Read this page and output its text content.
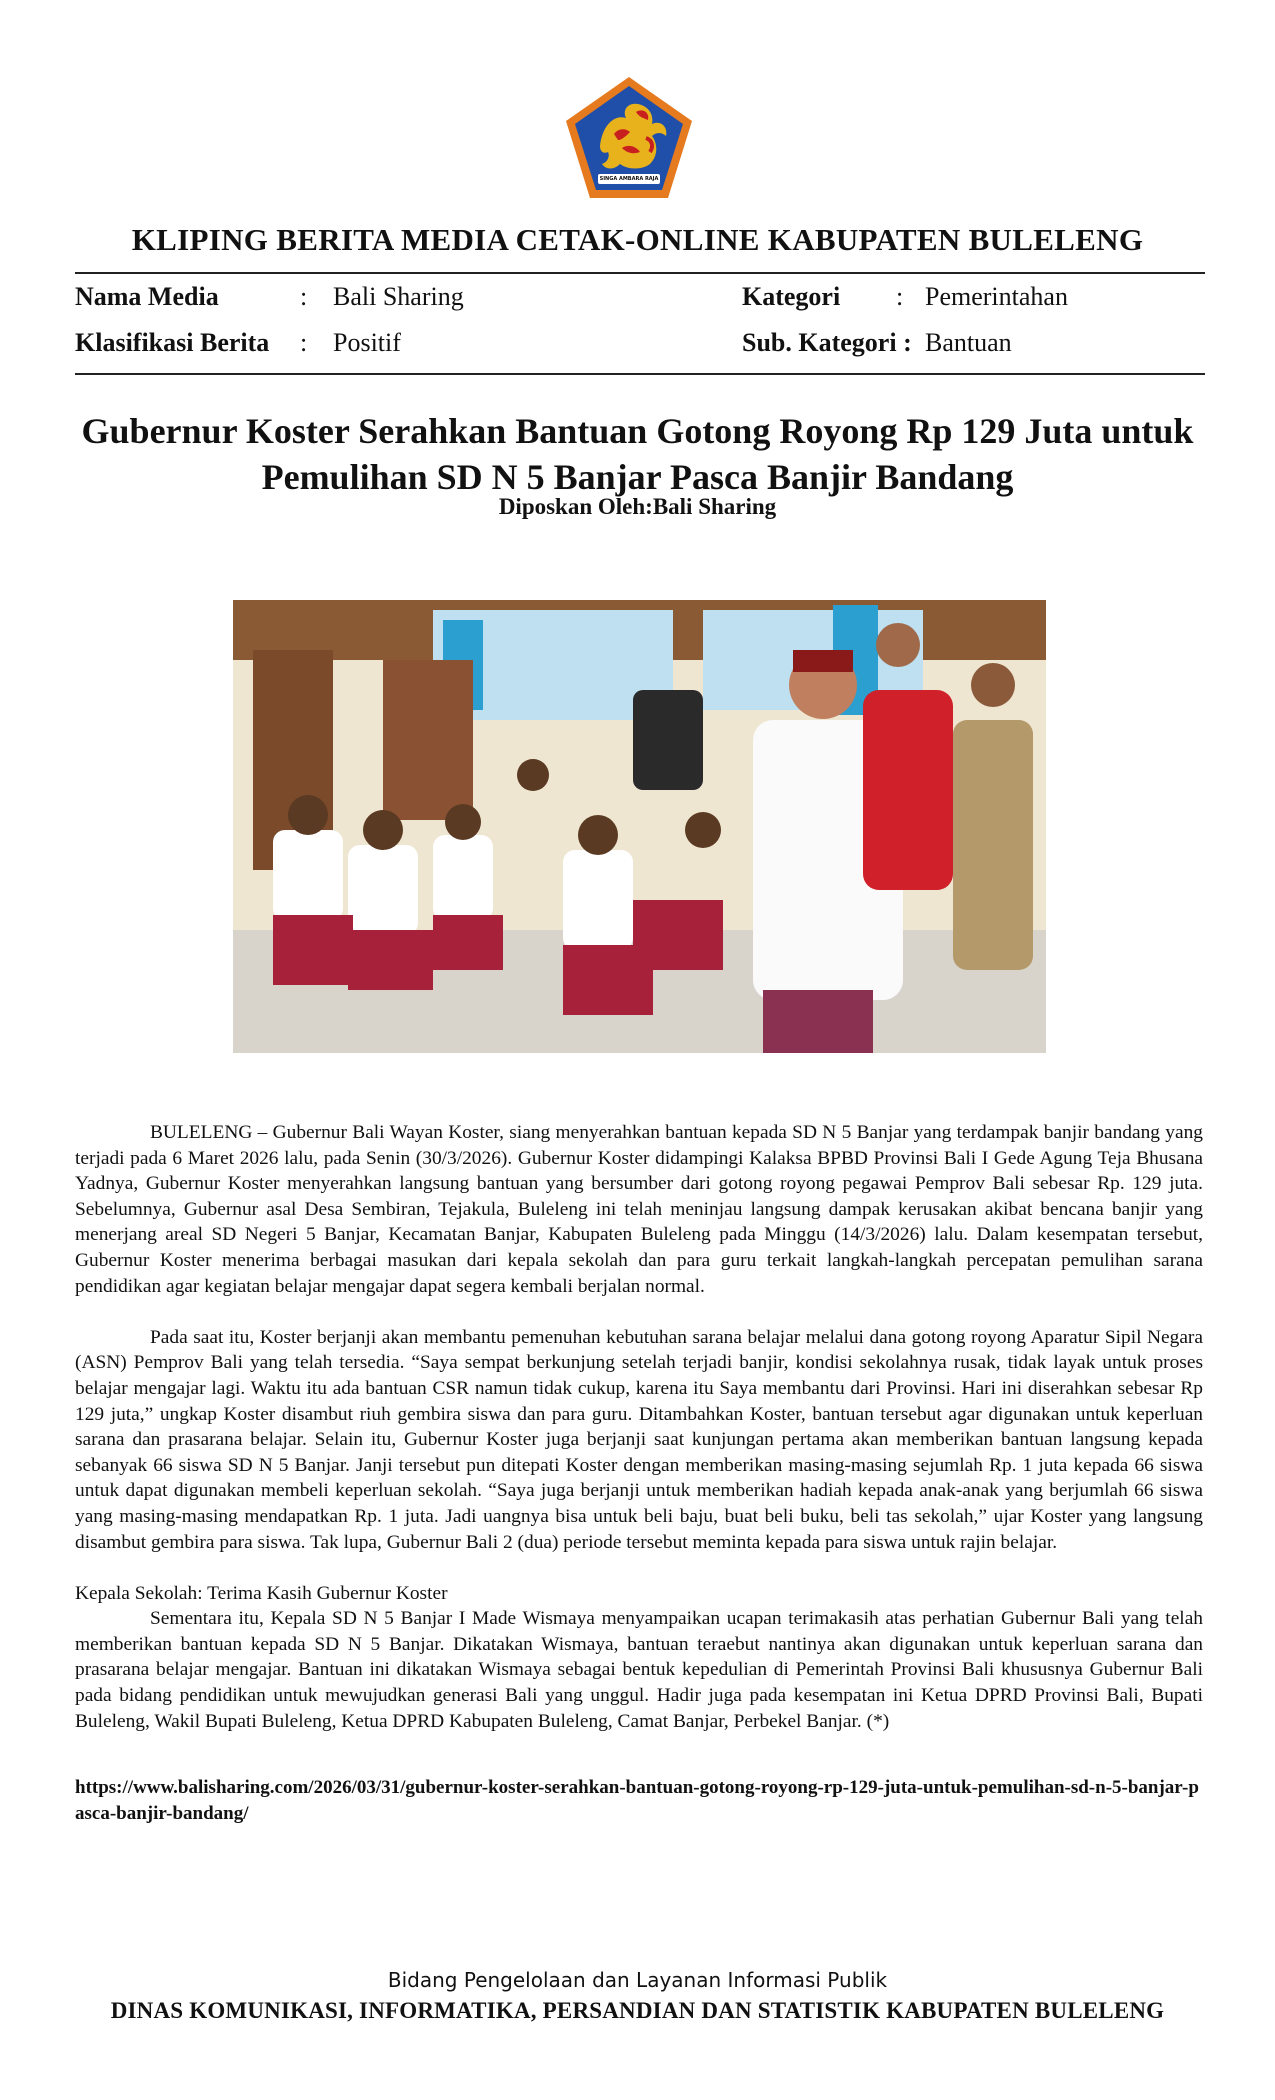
SINGA AMBARA RAJA
KLIPING BERITA MEDIA CETAK-ONLINE KABUPATEN BULELENG
Nama Media	: Bali Sharing
Klasifikasi Berita : Positif
Kategori : Pemerintahan
Sub. Kategori : Bantuan
Gubernur Koster Serahkan Bantuan Gotong Royong Rp 129 Juta untuk
Pemulihan SD N 5 Banjar Pasca Banjir Bandang
Diposkan Oleh:Bali Sharing

BULELENG – Gubernur Bali Wayan Koster, siang menyerahkan bantuan kepada SD N 5 Banjar yang terdampak banjir bandang yang terjadi pada 6 Maret 2026 lalu, pada Senin (30/3/2026). Gubernur Koster didampingi Kalaksa BPBD Provinsi Bali I Gede Agung Teja Bhusana Yadnya, Gubernur Koster menyerahkan langsung bantuan yang bersumber dari gotong royong pegawai Pemprov Bali sebesar Rp. 129 juta. Sebelumnya, Gubernur asal Desa Sembiran, Tejakula, Buleleng ini telah meninjau langsung dampak kerusakan akibat bencana banjir yang menerjang areal SD Negeri 5 Banjar, Kecamatan Banjar, Kabupaten Buleleng pada Minggu (14/3/2026) lalu. Dalam kesempatan tersebut, Gubernur Koster menerima berbagai masukan dari kepala sekolah dan para guru terkait langkah-langkah percepatan pemulihan sarana pendidikan agar kegiatan belajar mengajar dapat segera kembali berjalan normal.

Pada saat itu, Koster berjanji akan membantu pemenuhan kebutuhan sarana belajar melalui dana gotong royong Aparatur Sipil Negara (ASN) Pemprov Bali yang telah tersedia. “Saya sempat berkunjung setelah terjadi banjir, kondisi sekolahnya rusak, tidak layak untuk proses belajar mengajar lagi. Waktu itu ada bantuan CSR namun tidak cukup, karena itu Saya membantu dari Provinsi. Hari ini diserahkan sebesar Rp 129 juta,” ungkap Koster disambut riuh gembira siswa dan para guru. Ditambahkan Koster, bantuan tersebut agar digunakan untuk keperluan sarana dan prasarana belajar. Selain itu, Gubernur Koster juga berjanji saat kunjungan pertama akan memberikan bantuan langsung kepada sebanyak 66 siswa SD N 5 Banjar. Janji tersebut pun ditepati Koster dengan memberikan masing-masing sejumlah Rp. 1 juta kepada 66 siswa untuk dapat digunakan membeli keperluan sekolah. “Saya juga berjanji untuk memberikan hadiah kepada anak-anak yang berjumlah 66 siswa yang masing-masing mendapatkan Rp. 1 juta. Jadi uangnya bisa untuk beli baju, buat beli buku, beli tas sekolah,” ujar Koster yang langsung disambut gembira para siswa. Tak lupa, Gubernur Bali 2 (dua) periode tersebut meminta kepada para siswa untuk rajin belajar.

Kepala Sekolah: Terima Kasih Gubernur Koster

Sementara itu, Kepala SD N 5 Banjar I Made Wismaya menyampaikan ucapan terimakasih atas perhatian Gubernur Bali yang telah memberikan bantuan kepada SD N 5 Banjar. Dikatakan Wismaya, bantuan teraebut nantinya akan digunakan untuk keperluan sarana dan prasarana belajar mengajar. Bantuan ini dikatakan Wismaya sebagai bentuk kepedulian di Pemerintah Provinsi Bali khususnya Gubernur Bali pada bidang pendidikan untuk mewujudkan generasi Bali yang unggul. Hadir juga pada kesempatan ini Ketua DPRD Provinsi Bali, Bupati Buleleng, Wakil Bupati Buleleng, Ketua DPRD Kabupaten Buleleng, Camat Banjar, Perbekel Banjar. (*)

https://www.balisharing.com/2026/03/31/gubernur-koster-serahkan-bantuan-gotong-royong-rp-129-juta-untuk-pemulihan-sd-n-5-banjar-pasca-banjir-bandang/
Bidang Pengelolaan dan Layanan Informasi Publik
DINAS KOMUNIKASI, INFORMATIKA, PERSANDIAN DAN STATISTIK KABUPATEN BULELENG
